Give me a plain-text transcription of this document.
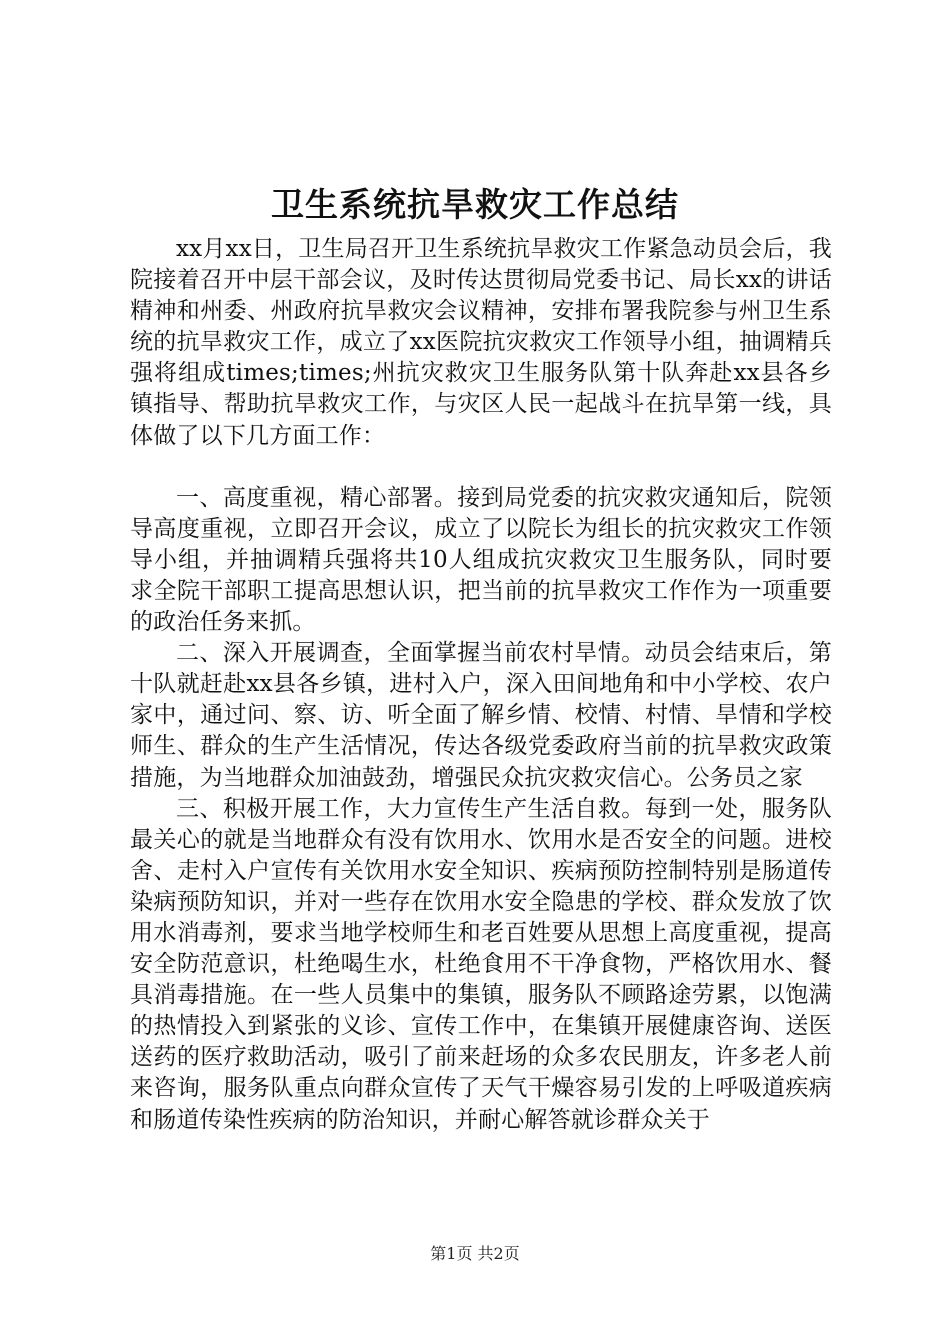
卫生系统抗旱救灾工作总结

xx月xx日，卫生局召开卫生系统抗旱救灾工作紧急动员会后，我院接着召开中层干部会议，及时传达贯彻局党委书记、局长xx的讲话精神和州委、州政府抗旱救灾会议精神，安排布署我院参与州卫生系统的抗旱救灾工作，成立了xx医院抗灾救灾工作领导小组，抽调精兵强将组成times;times;州抗灾救灾卫生服务队第十队奔赴xx县各乡镇指导、帮助抗旱救灾工作，与灾区人民一起战斗在抗旱第一线，具体做了以下几方面工作：

一、高度重视，精心部署。接到局党委的抗灾救灾通知后，院领导高度重视，立即召开会议，成立了以院长为组长的抗灾救灾工作领导小组，并抽调精兵强将共10人组成抗灾救灾卫生服务队，同时要求全院干部职工提高思想认识，把当前的抗旱救灾工作作为一项重要的政治任务来抓。

二、深入开展调查，全面掌握当前农村旱情。动员会结束后，第十队就赶赴xx县各乡镇，进村入户，深入田间地角和中小学校、农户家中，通过问、察、访、听全面了解乡情、校情、村情、旱情和学校师生、群众的生产生活情况，传达各级党委政府当前的抗旱救灾政策措施，为当地群众加油鼓劲，增强民众抗灾救灾信心。公务员之家

三、积极开展工作，大力宣传生产生活自救。每到一处，服务队最关心的就是当地群众有没有饮用水、饮用水是否安全的问题。进校舍、走村入户宣传有关饮用水安全知识、疾病预防控制特别是肠道传染病预防知识，并对一些存在饮用水安全隐患的学校、群众发放了饮用水消毒剂，要求当地学校师生和老百姓要从思想上高度重视，提高安全防范意识，杜绝喝生水，杜绝食用不干净食物，严格饮用水、餐具消毒措施。在一些人员集中的集镇，服务队不顾路途劳累，以饱满的热情投入到紧张的义诊、宣传工作中，在集镇开展健康咨询、送医送药的医疗救助活动，吸引了前来赶场的众多农民朋友，许多老人前来咨询，服务队重点向群众宣传了天气干燥容易引发的上呼吸道疾病和肠道传染性疾病的防治知识，并耐心解答就诊群众关于

第1页 共2页
